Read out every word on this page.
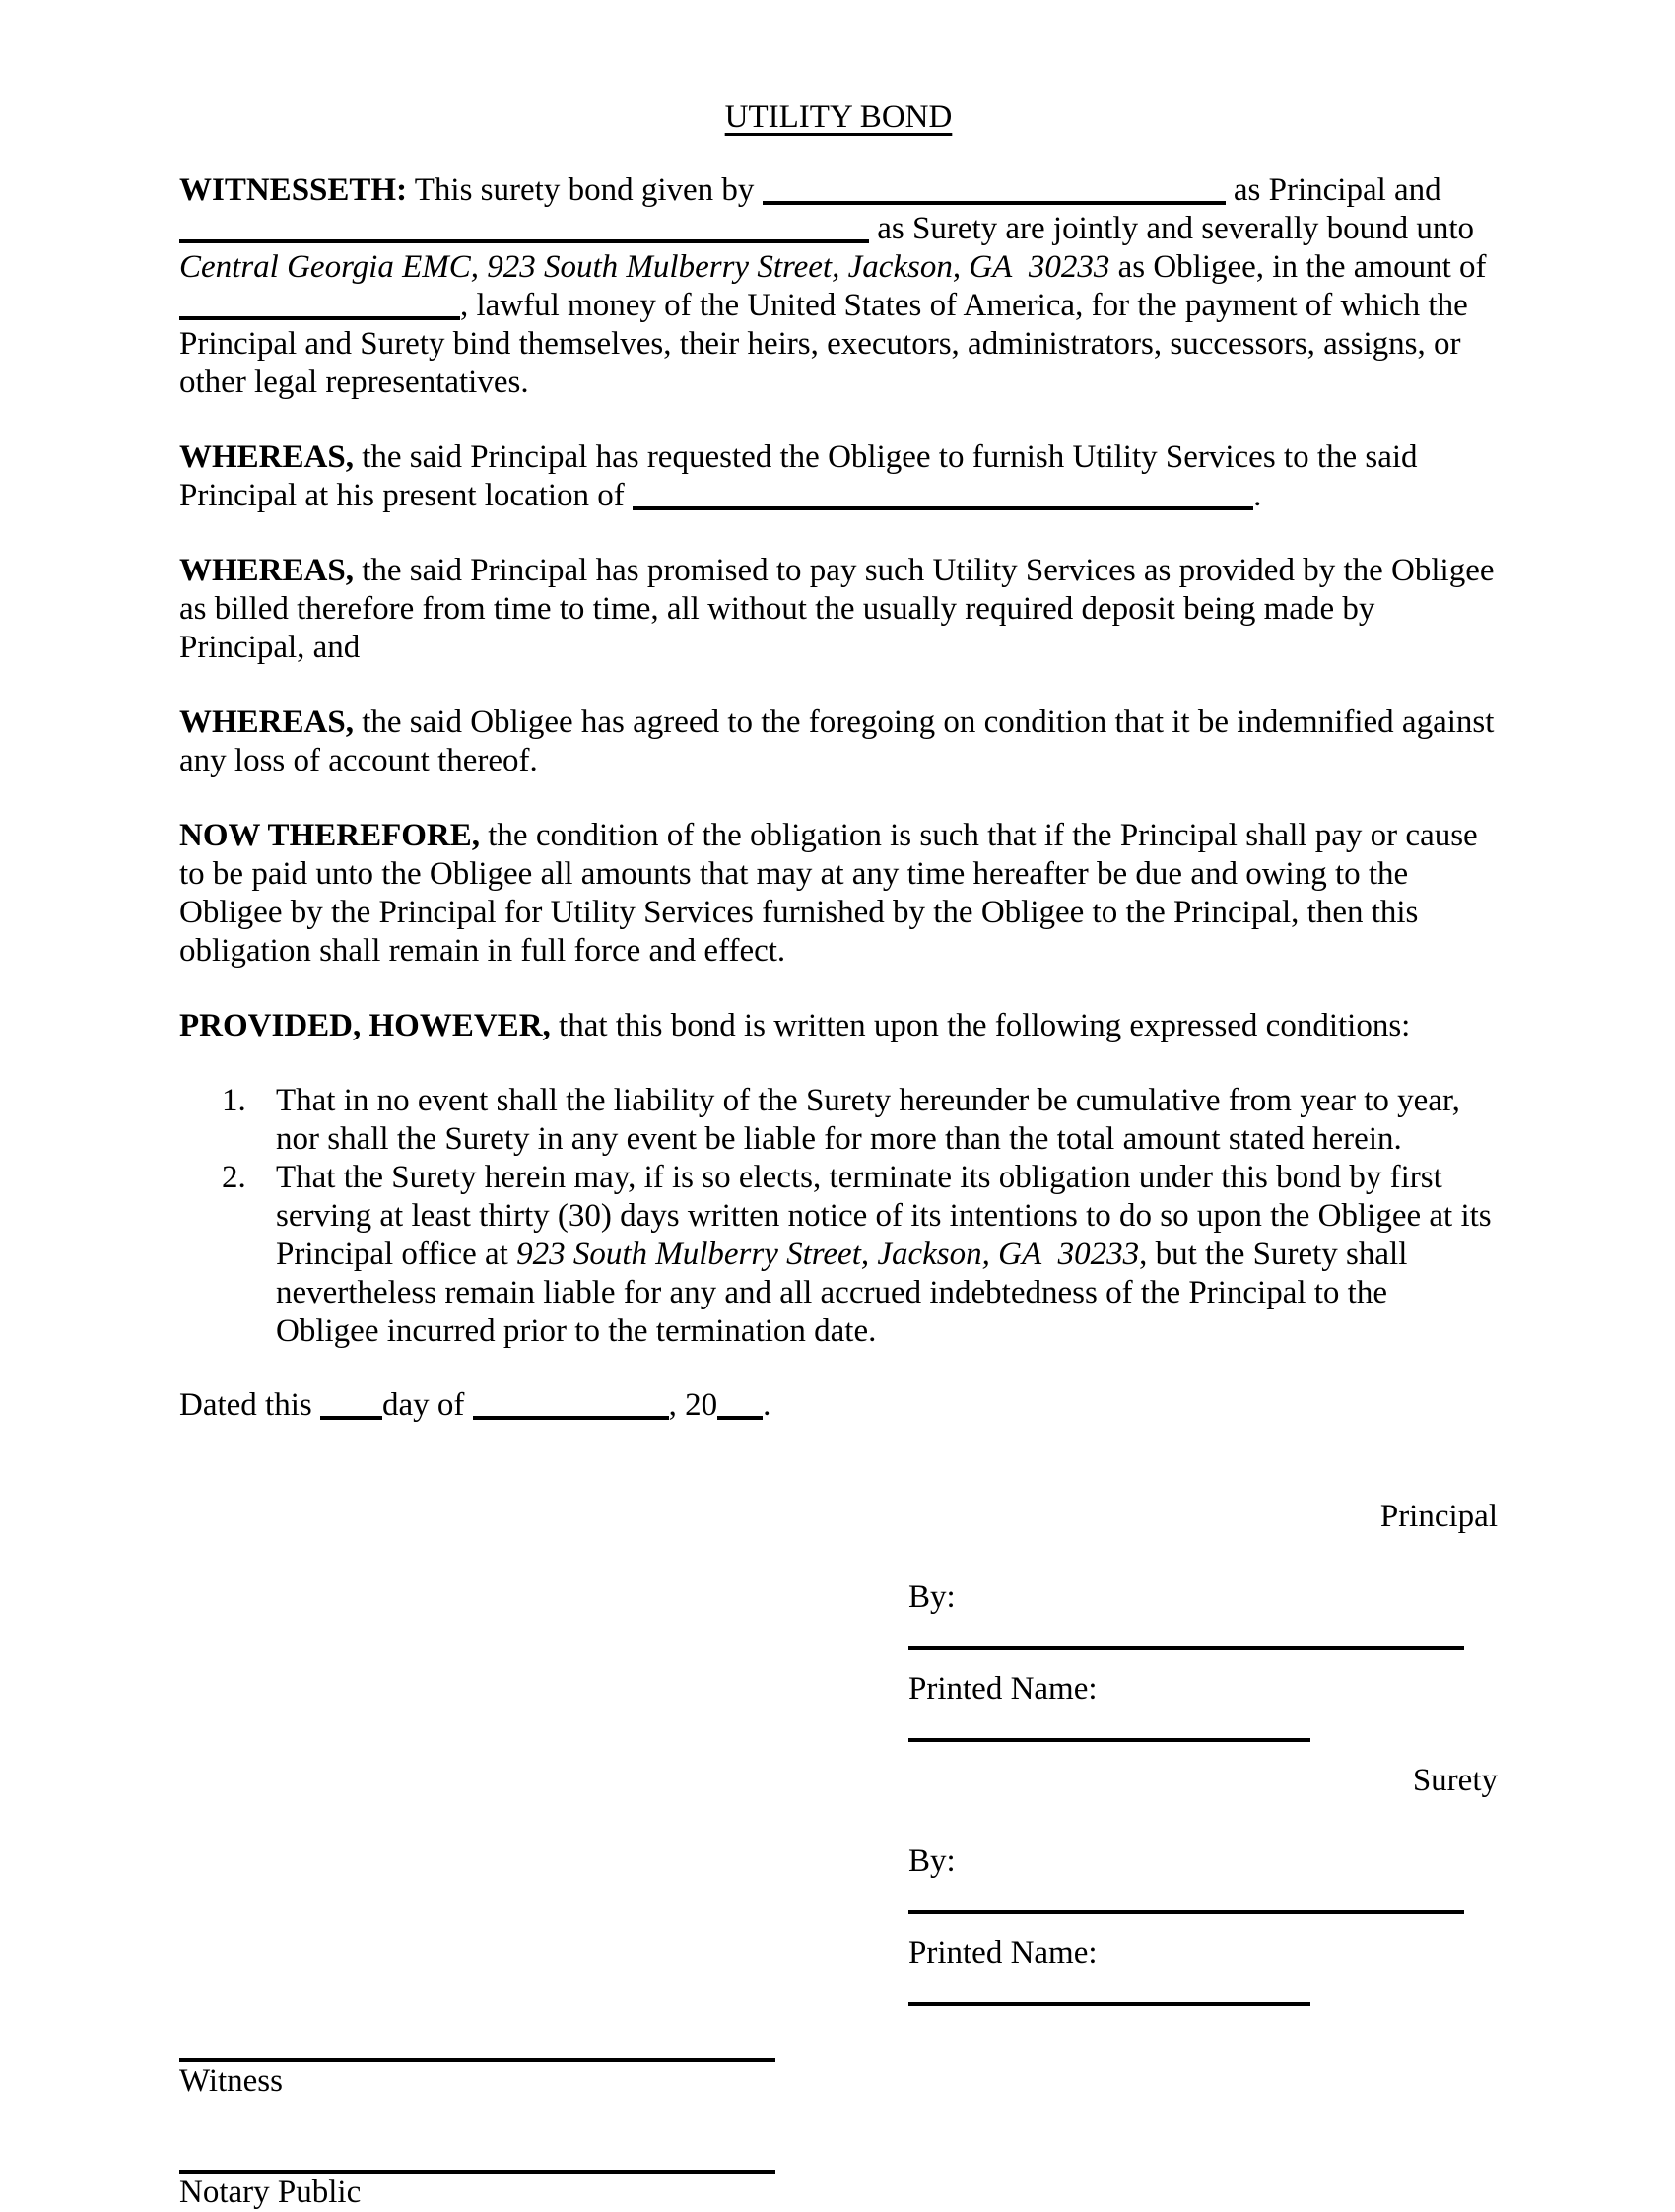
UTILITY BOND

WITNESSETH: This surety bond given by	as Principal and  as Surety are jointly and severally bound unto Central Georgia EMC, 923 South Mulberry Street, Jackson, GA  30233 as Obligee, in the amount of , lawful money of the United States of America, for the payment of which the Principal and Surety bind themselves, their heirs, executors, administrators, successors, assigns, or other legal representatives.

WHEREAS, the said Principal has requested the Obligee to furnish Utility Services to the said Principal at his present location of	.

WHEREAS, the said Principal has promised to pay such Utility Services as provided by the Obligee as billed therefore from time to time, all without the usually required deposit being made by Principal, and

WHEREAS, the said Obligee has agreed to the foregoing on condition that it be indemnified against any loss of account thereof.

NOW THEREFORE, the condition of the obligation is such that if the Principal shall pay or cause to be paid unto the Obligee all amounts that may at any time hereafter be due and owing to the Obligee by the Principal for Utility Services furnished by the Obligee to the Principal, then this obligation shall remain in full force and effect.

PROVIDED, HOWEVER, that this bond is written upon the following expressed conditions:

1. That in no event shall the liability of the Surety hereunder be cumulative from year to year, nor shall the Surety in any event be liable for more than the total amount stated herein.
2. That the Surety herein may, if is so elects, terminate its obligation under this bond by first serving at least thirty (30) days written notice of its intentions to do so upon the Obligee at its Principal office at 923 South Mulberry Street, Jackson, GA  30233, but the Surety shall nevertheless remain liable for any and all accrued indebtedness of the Principal to the Obligee incurred prior to the termination date.

Dated this day of	, 20 .

Principal
By:
Printed Name:
Surety
By:
Printed Name:
Witness
Notary Public
